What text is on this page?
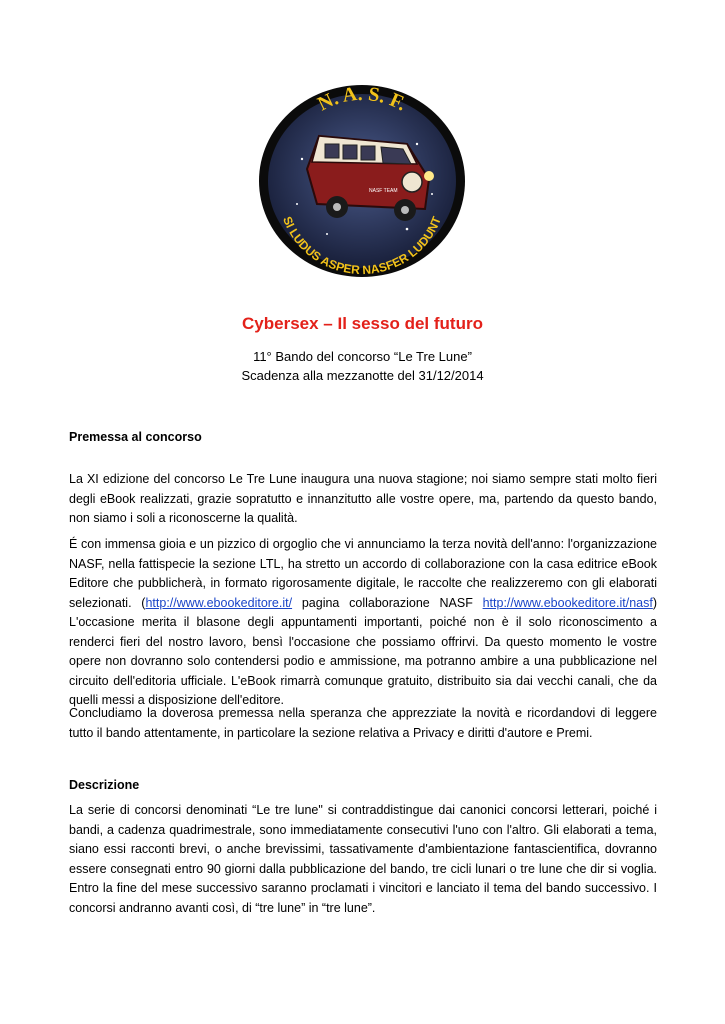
NASF TEAM
N. A. S. F.
SI LUDUS ASPER NASFER LUDUNT
Cybersex – Il sesso del futuro
11° Bando del concorso “Le Tre Lune”
Scadenza alla mezzanotte del 31/12/2014
Premessa al concorso
La XI edizione del concorso Le Tre Lune inaugura una nuova stagione; noi siamo sempre stati molto fieri degli eBook realizzati, grazie sopratutto e innanzitutto alle vostre opere, ma, partendo da questo bando, non siamo i soli a riconoscerne la qualità.
É con immensa gioia e un pizzico di orgoglio che vi annunciamo la terza novità dell'anno: l'organizzazione NASF, nella fattispecie la sezione LTL, ha stretto un accordo di collaborazione con la casa editrice eBook Editore che pubblicherà, in formato rigorosamente digitale, le raccolte che realizzeremo con gli elaborati selezionati. (http://www.ebookeditore.it/ pagina collaborazione NASF http://www.ebookeditore.it/nasf) L'occasione merita il blasone degli appuntamenti importanti, poiché non è il solo riconoscimento a renderci fieri del nostro lavoro, bensì l'occasione che possiamo offrirvi. Da questo momento le vostre opere non dovranno solo contendersi podio e ammissione, ma potranno ambire a una pubblicazione nel circuito dell'editoria ufficiale. L'eBook rimarrà comunque gratuito, distribuito sia dai vecchi canali, che da quelli messi a disposizione dell'editore.
Concludiamo la doverosa premessa nella speranza che apprezziate la novità e ricordandovi di leggere tutto il bando attentamente, in particolare la sezione relativa a Privacy e diritti d'autore e Premi.
Descrizione
La serie di concorsi denominati “Le tre lune" si contraddistingue dai canonici concorsi letterari, poiché i bandi, a cadenza quadrimestrale, sono immediatamente consecutivi l'uno con l'altro. Gli elaborati a tema, siano essi racconti brevi, o anche brevissimi, tassativamente d'ambientazione fantascientifica, dovranno essere consegnati entro 90 giorni dalla pubblicazione del bando, tre cicli lunari o tre lune che dir si voglia. Entro la fine del mese successivo saranno proclamati i vincitori e lanciato il tema del bando successivo. I concorsi andranno avanti così, di “tre lune” in “tre lune”.
